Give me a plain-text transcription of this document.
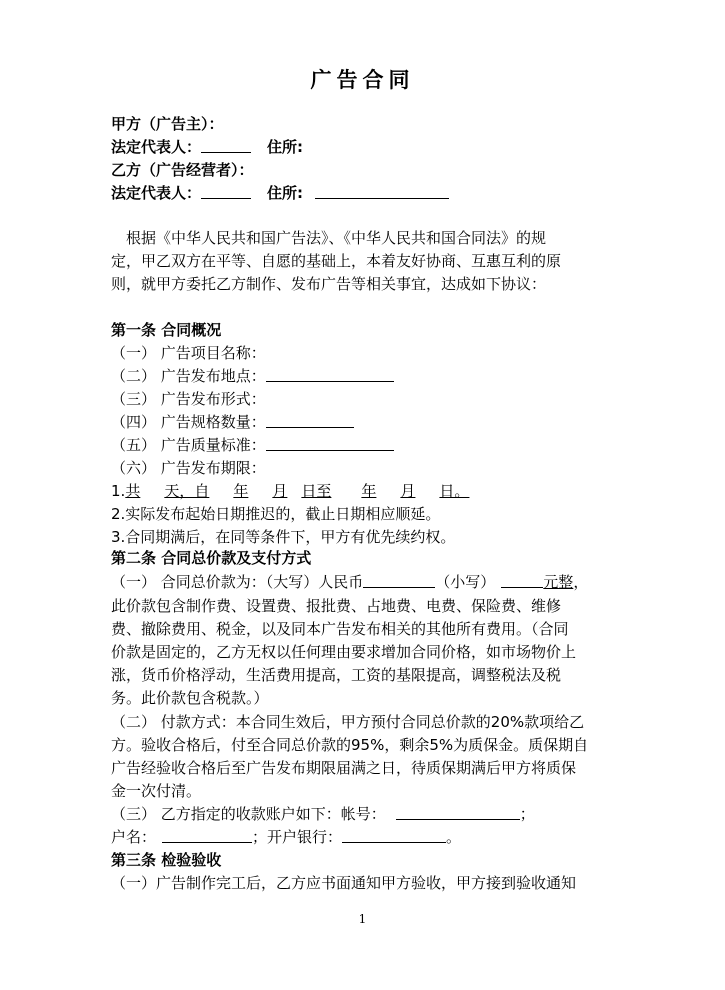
广告合同
甲方（广告主）：
法定代表人：	住所:
乙方（广告经营者）：
法定代表人：	住所:
根据《中华人民共和国广告法》、《中华人民共和国合同法》的规
定，甲乙双方在平等、自愿的基础上，本着友好协商、互惠互利的原
则，就甲方委托乙方制作、发布广告等相关事宜，达成如下协议：
第一条 合同概况
（一） 广告项目名称：
（二） 广告发布地点：
（三） 广告发布形式：
（四） 广告规格数量：
（五） 广告质量标准：
（六） 广告发布期限：
1.共 天，自 年 月 日至 年 月 日。
2.实际发布起始日期推迟的，截止日期相应顺延。
3.合同期满后，在同等条件下，甲方有优先续约权。
第二条 合同总价款及支付方式
（一） 合同总价款为：（大写）人民币	（小写）	元整，
此价款包含制作费、设置费、报批费、占地费、电费、保险费、维修
费、撤除费用、税金，以及同本广告发布相关的其他所有费用。（合同
价款是固定的，乙方无权以任何理由要求增加合同价格，如市场物价上
涨，货币价格浮动，生活费用提高，工资的基限提高，调整税法及税
务。此价款包含税款。）
（二） 付款方式：本合同生效后，甲方预付合同总价款的20%款项给乙
方。验收合格后，付至合同总价款的95%，剩余5%为质保金。质保期自
广告经验收合格后至广告发布期限届满之日，待质保期满后甲方将质保
金一次付清。
（三） 乙方指定的收款账户如下：帐号：	；
户名：	；开户银行：	。
第三条 检验验收
（一）广告制作完工后，乙方应书面通知甲方验收，甲方接到验收通知
1
